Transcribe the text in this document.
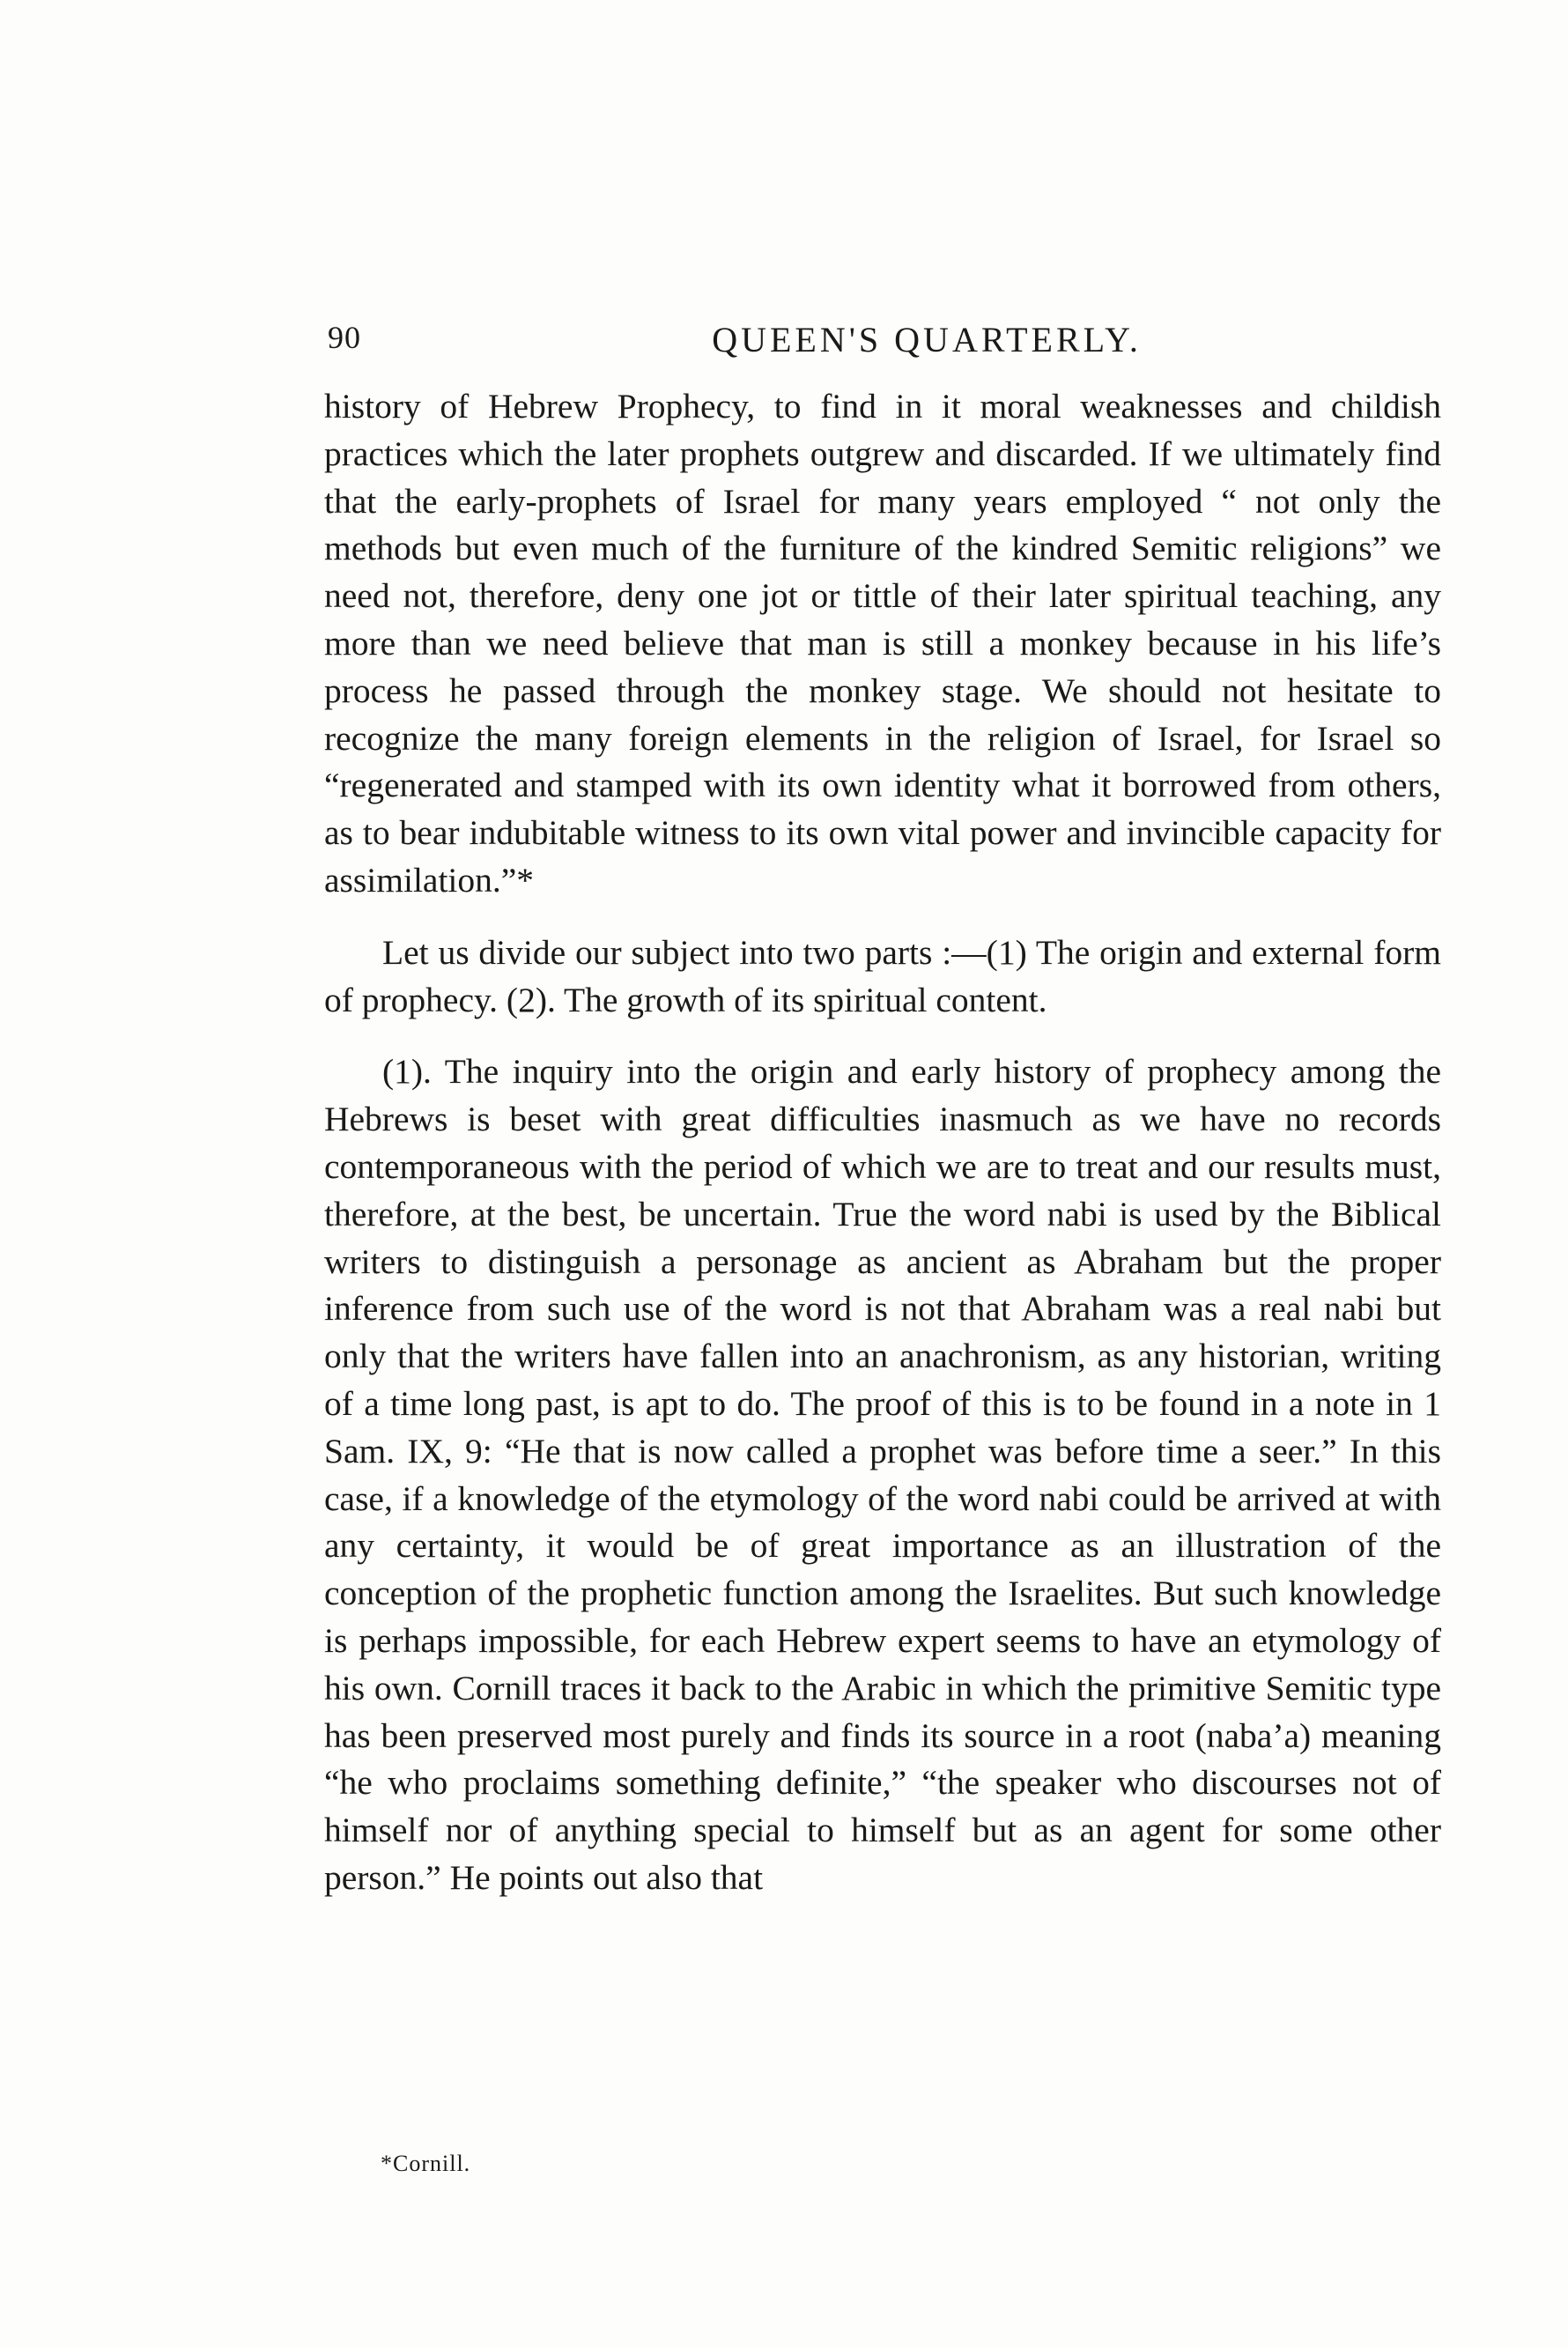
90	QUEEN'S QUARTERLY.

history of Hebrew Prophecy, to find in it moral weaknesses and childish practices which the later prophets outgrew and discarded. If we ultimately find that the early-prophets of Israel for many years employed “ not only the methods but even much of the furniture of the kindred Semitic religions” we need not, therefore, deny one jot or tittle of their later spiritual teaching, any more than we need believe that man is still a monkey because in his life’s process he passed through the monkey stage. We should not hesitate to recognize the many foreign elements in the religion of Israel, for Israel so “regenerated and stamped with its own identity what it borrowed from others, as to bear indubitable witness to its own vital power and invincible capacity for assimilation.”*

Let us divide our subject into two parts :—(1) The origin and external form of prophecy. (2). The growth of its spiritual content.

(1). The inquiry into the origin and early history of prophecy among the Hebrews is beset with great difficulties inasmuch as we have no records contemporaneous with the period of which we are to treat and our results must, therefore, at the best, be uncertain. True the word nabi is used by the Biblical writers to distinguish a personage as ancient as Abraham but the proper inference from such use of the word is not that Abraham was a real nabi but only that the writers have fallen into an anachronism, as any historian, writing of a time long past, is apt to do. The proof of this is to be found in a note in 1 Sam. IX, 9: “He that is now called a prophet was before time a seer.” In this case, if a knowledge of the etymology of the word nabi could be arrived at with any certainty, it would be of great importance as an illustration of the conception of the prophetic function among the Israelites. But such knowledge is perhaps impossible, for each Hebrew expert seems to have an etymology of his own. Cornill traces it back to the Arabic in which the primitive Semitic type has been preserved most purely and finds its source in a root (naba’a) meaning “he who proclaims something definite,” “the speaker who discourses not of himself nor of anything special to himself but as an agent for some other person.” He points out also that

*Cornill.
